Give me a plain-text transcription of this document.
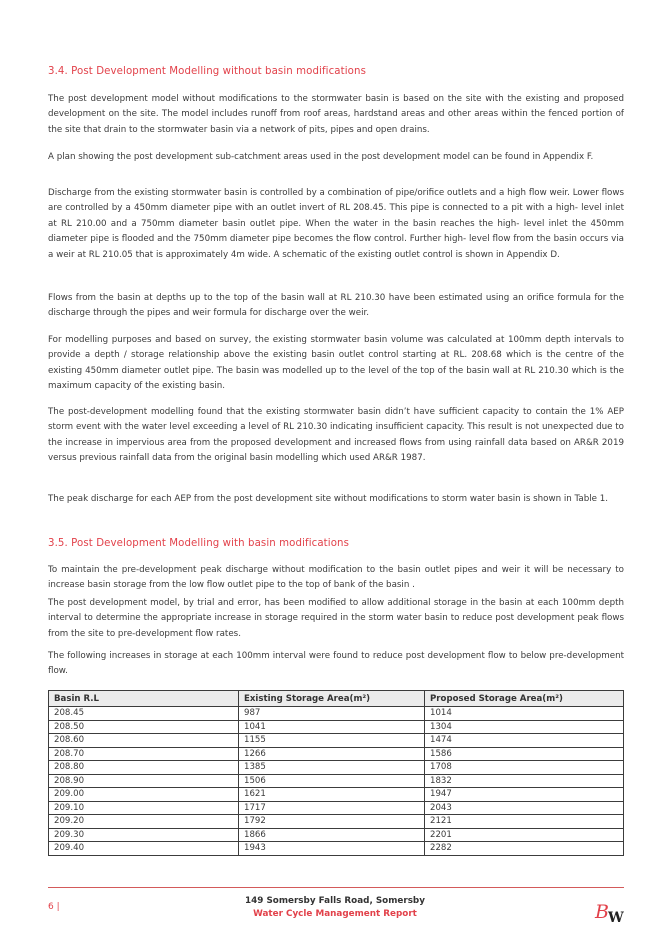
3.4. Post Development Modelling without basin modifications

The post development model without modifications to the stormwater basin is based on the site with the existing and proposed development on the site. The model includes runoff from roof areas, hardstand areas and other areas within the fenced portion of the site that drain to the stormwater basin via a network of pits, pipes and open drains.

A plan showing the post development sub-catchment areas used in the post development model can be found in Appendix F.

Discharge from the existing stormwater basin is controlled by a combination of pipe/orifice outlets and a high flow weir. Lower flows are controlled by a 450mm diameter pipe with an outlet invert of RL 208.45. This pipe is connected to a pit with a high- level inlet at RL 210.00 and a 750mm diameter basin outlet pipe. When the water in the basin reaches the high- level inlet the 450mm diameter pipe is flooded and the 750mm diameter pipe becomes the flow control. Further high- level flow from the basin occurs via a weir at RL 210.05 that is approximately 4m wide. A schematic of the existing outlet control is shown in Appendix D.

Flows from the basin at depths up to the top of the basin wall at RL 210.30 have been estimated using an orifice formula for the discharge through the pipes and weir formula for discharge over the weir.

For modelling purposes and based on survey, the existing stormwater basin volume was calculated at 100mm depth intervals to provide a depth / storage relationship above the existing basin outlet control starting at RL. 208.68 which is the centre of the existing 450mm diameter outlet pipe. The basin was modelled up to the level of the top of the basin wall at RL 210.30 which is the maximum capacity of the existing basin.

The post-development modelling found that the existing stormwater basin didn’t have sufficient capacity to contain the 1% AEP storm event with the water level exceeding a level of RL 210.30 indicating insufficient capacity. This result is not unexpected due to the increase in impervious area from the proposed development and increased flows from using rainfall data based on AR&R 2019 versus previous rainfall data from the original basin modelling which used AR&R 1987.

The peak discharge for each AEP from the post development site without modifications to storm water basin is shown in Table 1.

3.5. Post Development Modelling with basin modifications

To maintain the pre-development peak discharge without modification to the basin outlet pipes and weir it will be necessary to increase basin storage from the low flow outlet pipe to the top of bank of the basin .

The post development model, by trial and error, has been modified to allow additional storage in the basin at each 100mm depth interval to determine the appropriate increase in storage required in the storm water basin to reduce post development peak flows from the site to pre-development flow rates.

The following increases in storage at each 100mm interval were found to reduce post development flow to below pre-development flow.

Basin R.L	Existing Storage Area(m²)	Proposed Storage Area(m²)
208.45	987	1014
208.50	1041	1304
208.60	1155	1474
208.70	1266	1586
208.80	1385	1708
208.90	1506	1832
209.00	1621	1947
209.10	1717	2043
209.20	1792	2121
209.30	1866	2201
209.40	1943	2282
6 |
149 Somersby Falls Road, Somersby
Water Cycle Management Report	B W
